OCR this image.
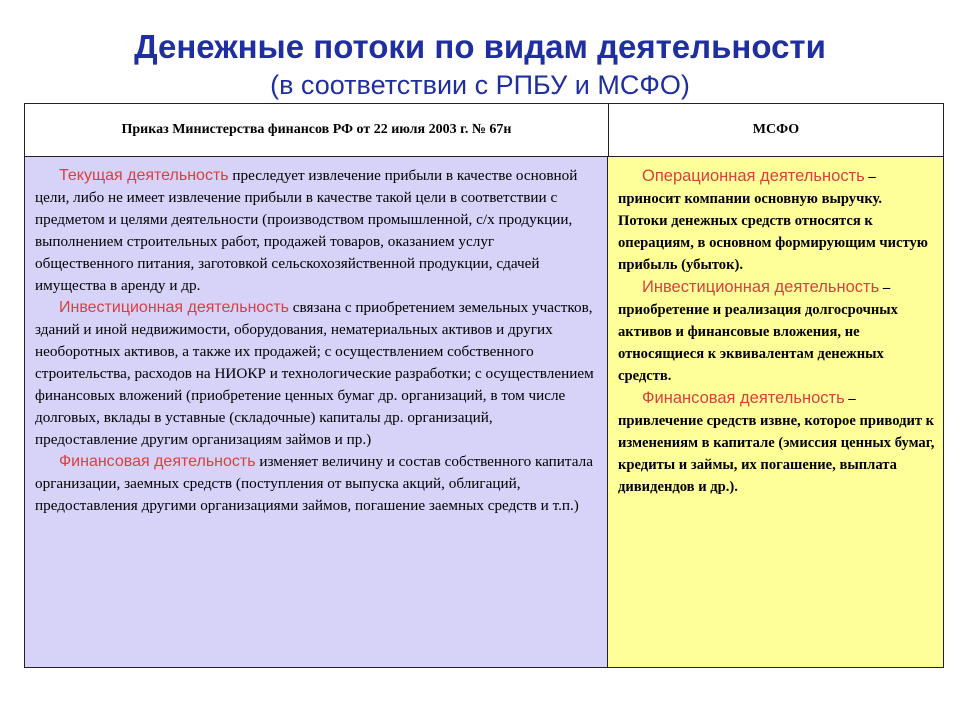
Денежные потоки по видам деятельности
(в соответствии с РПБУ и МСФО)
Приказ Министерства финансов РФ от 22 июля 2003 г. № 67н	МСФО

Текущая деятельность преследует извлечение прибыли в качестве основной цели, либо не имеет извлечение прибыли в качестве такой цели в соответствии с предметом и целями деятельности (производством промышленной, с/х продукции, выполнением строительных работ, продажей товаров, оказанием услуг общественного питания, заготовкой сельскохозяйственной продукции, сдачей имущества в аренду и др.

Инвестиционная деятельность связана с приобретением земельных участков, зданий и иной недвижимости, оборудования, нематериальных активов и других необоротных активов, а также их продажей; с осуществлением собственного строительства, расходов на НИОКР и технологические разработки; с осуществлением финансовых вложений (приобретение ценных бумаг др. организаций, в том числе долговых, вклады в уставные (складочные) капиталы др. организаций, предоставление другим организациям займов и пр.)

Финансовая деятельность изменяет величину и состав собственного капитала организации, заемных средств (поступления от выпуска акций, облигаций, предоставления другими организациями займов, погашение заемных средств и т.п.)

Операционная деятельность – приносит компании основную выручку. Потоки денежных средств относятся к операциям, в основном формирующим чистую прибыль (убыток).

Инвестиционная деятельность – приобретение и реализация долгосрочных активов и финансовые вложения, не относящиеся к эквивалентам денежных средств.

Финансовая деятельность – привлечение средств извне, которое приводит к изменениям в капитале (эмиссия ценных бумаг, кредиты и займы, их погашение, выплата дивидендов и др.).
